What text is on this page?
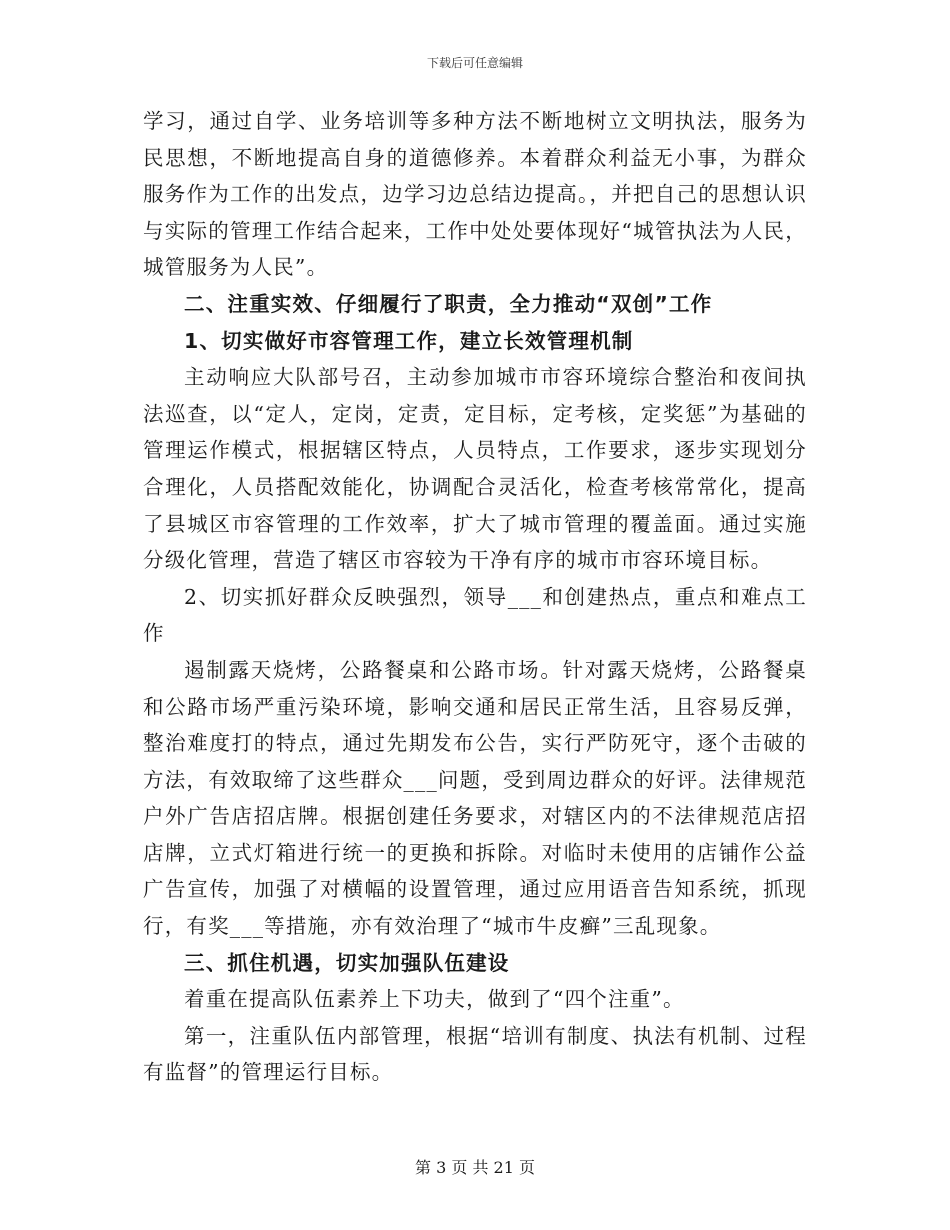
下载后可任意编辑

学习，通过自学、业务培训等多种方法不断地树立文明执法，服务为民思想，不断地提高自身的道德修养。本着群众利益无小事，为群众服务作为工作的出发点，边学习边总结边提高。，并把自己的思想认识与实际的管理工作结合起来，工作中处处要体现好“城管执法为人民，城管服务为人民”。

二、注重实效、仔细履行了职责，全力推动“双创”工作

1、切实做好市容管理工作，建立长效管理机制

主动响应大队部号召，主动参加城市市容环境综合整治和夜间执法巡查，以“定人，定岗，定责，定目标，定考核，定奖惩”为基础的管理运作模式，根据辖区特点，人员特点，工作要求，逐步实现划分合理化，人员搭配效能化，协调配合灵活化，检查考核常常化，提高了县城区市容管理的工作效率，扩大了城市管理的覆盖面。通过实施分级化管理，营造了辖区市容较为干净有序的城市市容环境目标。

2、切实抓好群众反映强烈，领导___和创建热点，重点和难点工作

遏制露天烧烤，公路餐桌和公路市场。针对露天烧烤，公路餐桌和公路市场严重污染环境，影响交通和居民正常生活，且容易反弹，整治难度打的特点，通过先期发布公告，实行严防死守，逐个击破的方法，有效取缔了这些群众___问题，受到周边群众的好评。法律规范户外广告店招店牌。根据创建任务要求，对辖区内的不法律规范店招店牌，立式灯箱进行统一的更换和拆除。对临时未使用的店铺作公益广告宣传，加强了对横幅的设置管理，通过应用语音告知系统，抓现行，有奖___等措施，亦有效治理了“城市牛皮癣”三乱现象。

三、抓住机遇，切实加强队伍建设

着重在提高队伍素养上下功夫，做到了“四个注重”。

第一，注重队伍内部管理，根据“培训有制度、执法有机制、过程有监督”的管理运行目标。

第 3 页 共 21 页
